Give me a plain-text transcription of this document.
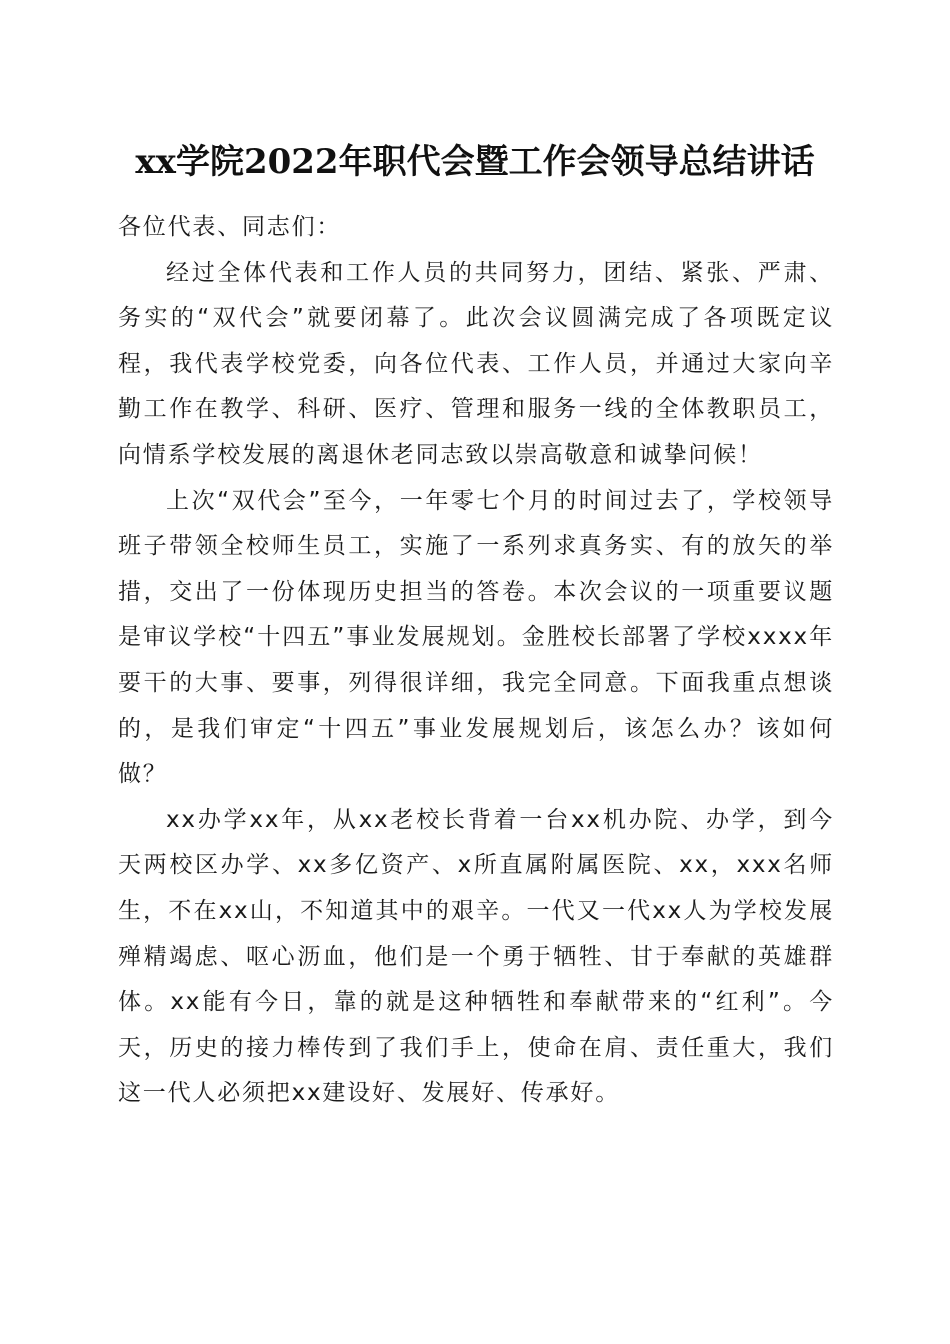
xx学院2022年职代会暨工作会领导总结讲话

各位代表、同志们：

经过全体代表和工作人员的共同努力，团结、紧张、严肃、务实的“双代会”就要闭幕了。此次会议圆满完成了各项既定议程，我代表学校党委，向各位代表、工作人员，并通过大家向辛勤工作在教学、科研、医疗、管理和服务一线的全体教职员工，向情系学校发展的离退休老同志致以崇高敬意和诚挚问候！

上次“双代会”至今，一年零七个月的时间过去了，学校领导班子带领全校师生员工，实施了一系列求真务实、有的放矢的举措，交出了一份体现历史担当的答卷。本次会议的一项重要议题是审议学校“十四五”事业发展规划。金胜校长部署了学校xxxx年要干的大事、要事，列得很详细，我完全同意。下面我重点想谈的，是我们审定“十四五”事业发展规划后，该怎么办？该如何做？

xx办学xx年，从xx老校长背着一台xx机办院、办学，到今天两校区办学、xx多亿资产、x所直属附属医院、xx，xxx名师生，不在xx山，不知道其中的艰辛。一代又一代xx人为学校发展殚精竭虑、呕心沥血，他们是一个勇于牺牲、甘于奉献的英雄群体。xx能有今日，靠的就是这种牺牲和奉献带来的“红利”。今天，历史的接力棒传到了我们手上，使命在肩、责任重大，我们这一代人必须把xx建设好、发展好、传承好。
